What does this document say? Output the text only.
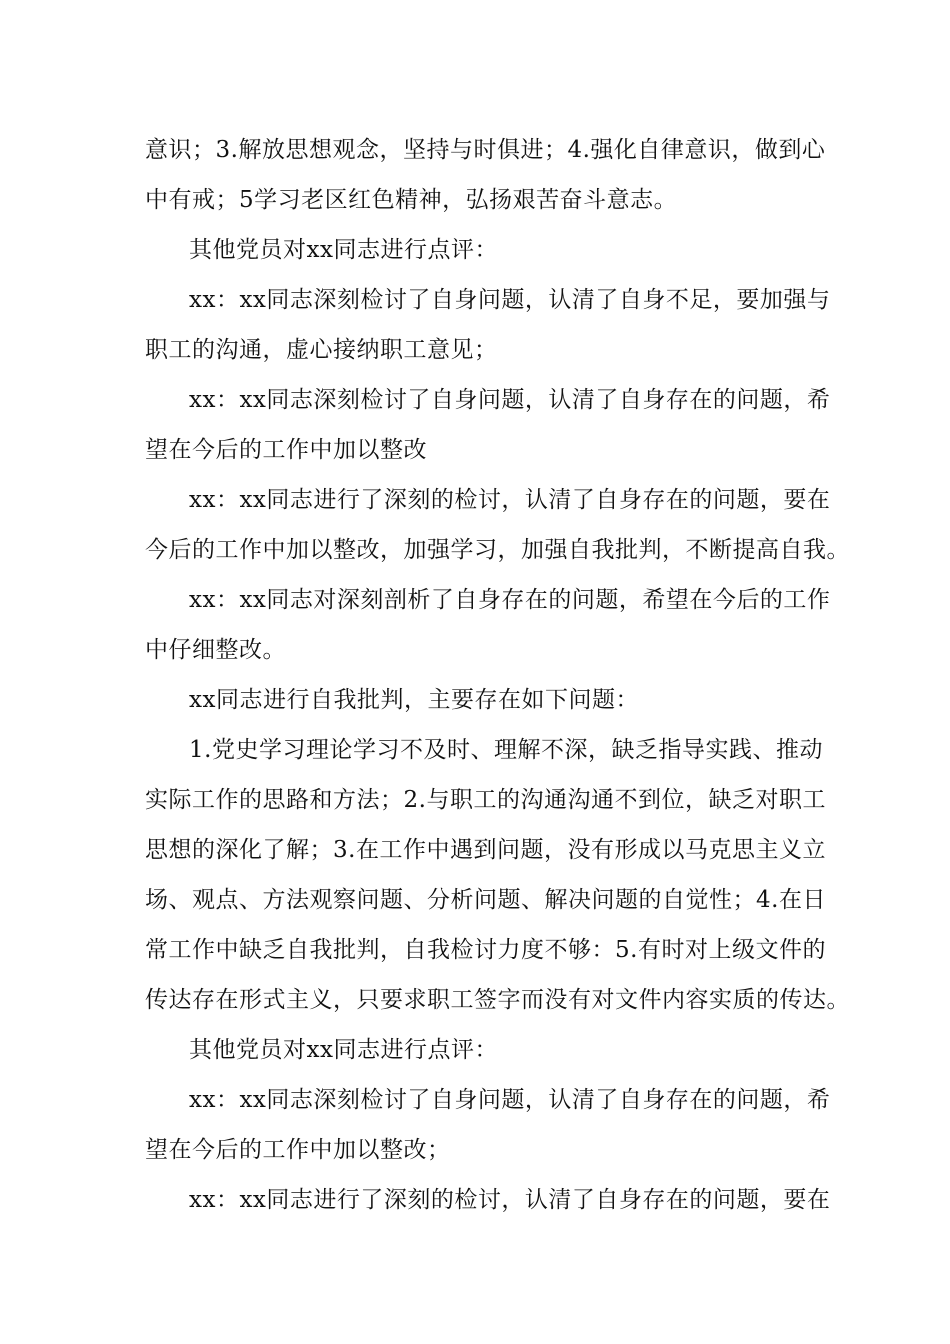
意识；3.解放思想观念，坚持与时俱进；4.强化自律意识，做到心
中有戒；5学习老区红色精神，弘扬艰苦奋斗意志。
其他党员对xx同志进行点评：
xx：xx同志深刻检讨了自身问题，认清了自身不足，要加强与
职工的沟通，虚心接纳职工意见；
xx：xx同志深刻检讨了自身问题，认清了自身存在的问题，希
望在今后的工作中加以整改
xx：xx同志进行了深刻的检讨，认清了自身存在的问题，要在
今后的工作中加以整改，加强学习，加强自我批判，不断提高自我。
xx：xx同志对深刻剖析了自身存在的问题，希望在今后的工作
中仔细整改。
xx同志进行自我批判，主要存在如下问题：
1.党史学习理论学习不及时、理解不深，缺乏指导实践、推动
实际工作的思路和方法；2.与职工的沟通沟通不到位，缺乏对职工
思想的深化了解；3.在工作中遇到问题，没有形成以马克思主义立
场、观点、方法观察问题、分析问题、解决问题的自觉性；4.在日
常工作中缺乏自我批判，自我检讨力度不够：5.有时对上级文件的
传达存在形式主义，只要求职工签字而没有对文件内容实质的传达。
其他党员对xx同志进行点评：
xx：xx同志深刻检讨了自身问题，认清了自身存在的问题，希
望在今后的工作中加以整改；
xx：xx同志进行了深刻的检讨，认清了自身存在的问题，要在
